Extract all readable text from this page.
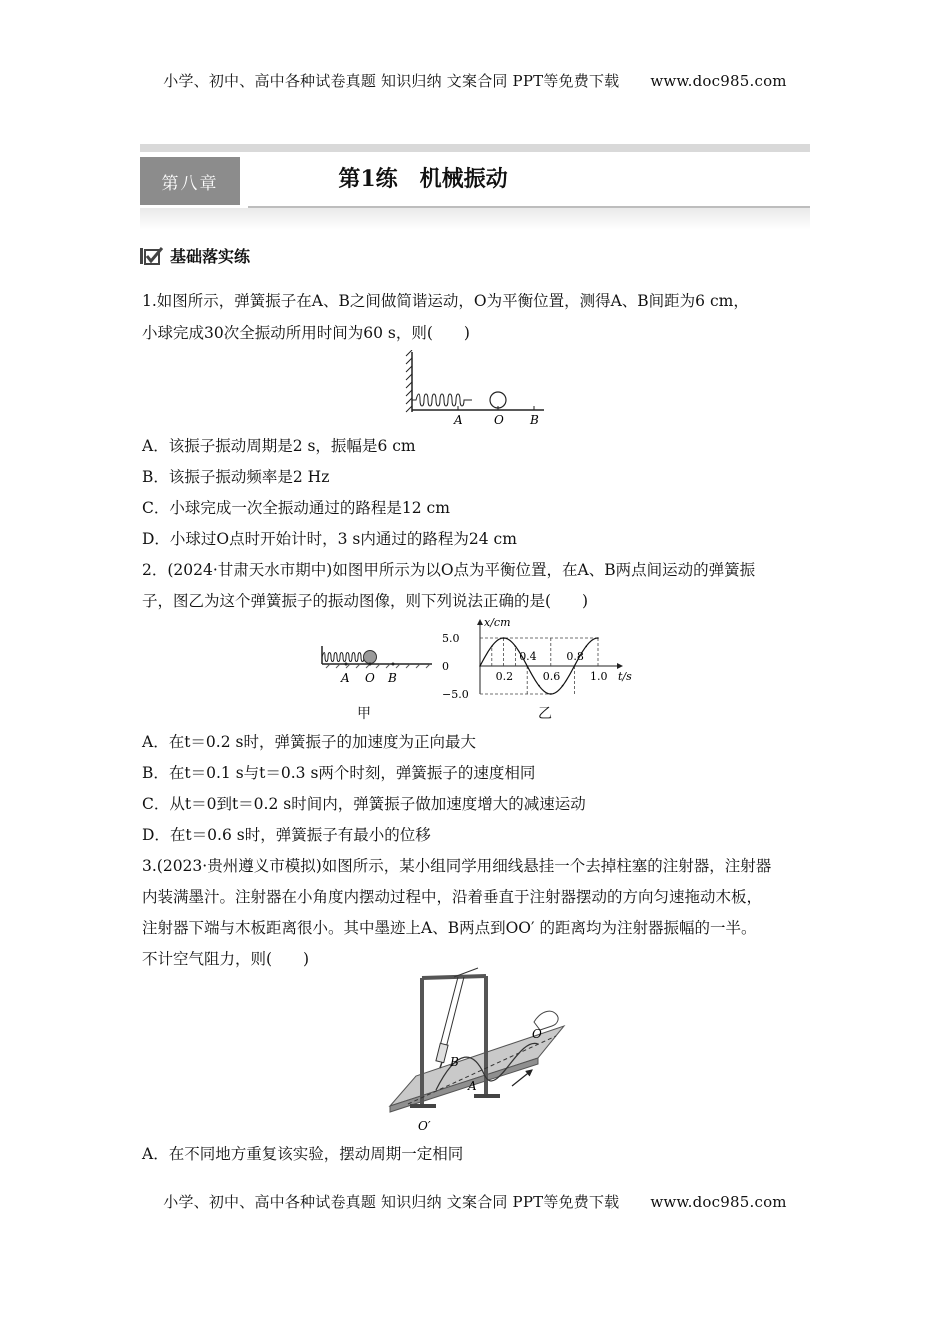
小学、初中、高中各种试卷真题 知识归纳 文案合同 PPT等免费下载 www.doc985.com
第八章	第1练　机械振动
基础落实练
1.如图所示，弹簧振子在A、B之间做简谐运动，O为平衡位置，测得A、B间距为6 cm，
小球完成30次全振动所用时间为60 s，则(　　)
A	O B
A．该振子振动周期是2 s，振幅是6 cm
B．该振子振动频率是2 Hz
C．小球完成一次全振动通过的路程是12 cm
D．小球过O点时开始计时，3 s内通过的路程为24 cm
2．(2024·甘肃天水市期中)如图甲所示为以O点为平衡位置，在A、B两点间运动的弹簧振
子，图乙为这个弹簧振子的振动图像，则下列说法正确的是(　　)
A O B
甲
x/cm
t/s
5.0
0
−5.0
0.2
0.4
0.6
0.8
1.0
乙
A．在t＝0.2 s时，弹簧振子的加速度为正向最大
B．在t＝0.1 s与t＝0.3 s两个时刻，弹簧振子的速度相同
C．从t＝0到t＝0.2 s时间内，弹簧振子做加速度增大的减速运动
D．在t＝0.6 s时，弹簧振子有最小的位移
3.(2023·贵州遵义市模拟)如图所示，某小组同学用细线悬挂一个去掉柱塞的注射器，注射器
内装满墨汁。注射器在小角度内摆动过程中，沿着垂直于注射器摆动的方向匀速拖动木板，
注射器下端与木板距离很小。其中墨迹上A、B两点到OO′ 的距离均为注射器振幅的一半。
不计空气阻力，则(　　)
O
B
A
O′
A．在不同地方重复该实验，摆动周期一定相同
小学、初中、高中各种试卷真题 知识归纳 文案合同 PPT等免费下载 www.doc985.com
